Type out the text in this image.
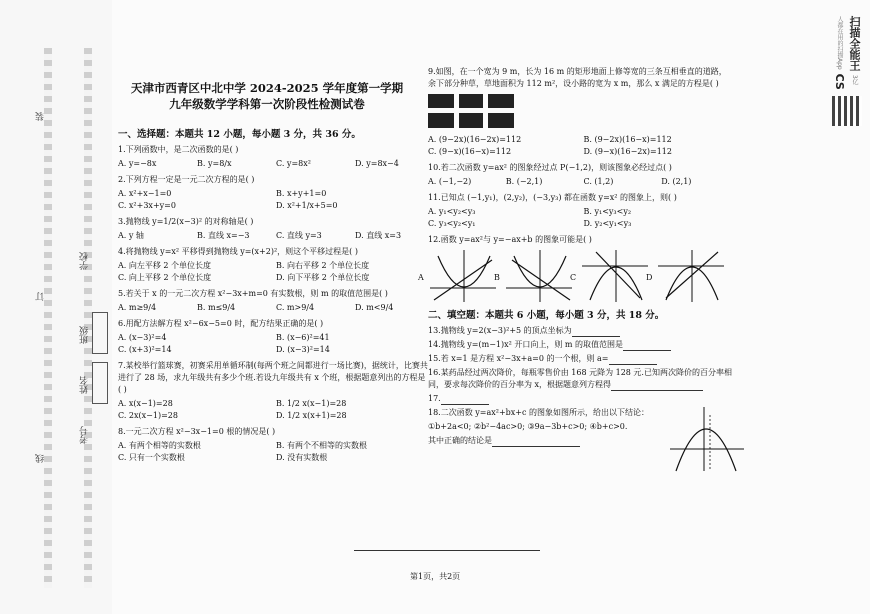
装
订
线
学校
班级
姓名
考号
天津市西青区中北中学 2024-2025 学年度第一学期
九年级数学学科第一次阶段性检测试卷
一、选择题：本题共 12 小题，每小题 3 分，共 36 分。
1.下列函数中，是二次函数的是( )
A. y=−8x	B. y=8/x	C. y=8x²	D. y=8x−4
2.下列方程一定是一元二次方程的是( )
A. x²+x−1=0	B. x+y+1=0
C. x²+3x+y=0	D. x²+1/x+5=0
3.抛物线 y=1/2(x−3)² 的对称轴是( )
A. y 轴	B. 直线 x=−3	C. 直线 y=3	D. 直线 x=3
4.将抛物线 y=x² 平移得到抛物线 y=(x+2)²，则这个平移过程是( )
A. 向左平移 2 个单位长度	B. 向右平移 2 个单位长度
C. 向上平移 2 个单位长度	D. 向下平移 2 个单位长度
5.若关于 x 的一元二次方程 x²−3x+m=0 有实数根，则 m 的取值范围是( )
A. m≥9/4	B. m≤9/4	C. m>9/4	D. m<9/4
6.用配方法解方程 x²−6x−5=0 时，配方结果正确的是( )
A. (x−3)²=4	B. (x−6)²=41
C. (x+3)²=14	D. (x−3)²=14
7.某校举行篮球赛，初赛采用单循环制(每两个班之间都进行一场比赛)，据统计，比赛共进行了 28 场，求九年级共有多少个班.若设九年级共有 x 个班，根据题意列出的方程是( )
A. x(x−1)=28	B. 1/2 x(x−1)=28
C. 2x(x−1)=28	D. 1/2 x(x+1)=28
8.一元二次方程 x²−3x−1=0 根的情况是( )
A. 有两个相等的实数根	B. 有两个不相等的实数根
C. 只有一个实数根	D. 没有实数根
9.如图，在一个宽为 9 m，长为 16 m 的矩形地面上修等宽的三条互相垂直的道路，余下部分种草，草地面积为 112 m²，设小路的宽为 x m，那么 x 满足的方程是( )
A. (9−2x)(16−2x)=112	B. (9−2x)(16−x)=112
C. (9−x)(16−x)=112	D. (9−x)(16−2x)=112
10.若二次函数 y=ax² 的图象经过点 P(−1,2)，则该图象必经过点( )
A. (−1,−2)	B. (−2,1)	C. (1,2)	D. (2,1)
11.已知点 (−1,y₁)，(2,y₂)，(−3,y₃) 都在函数 y=x² 的图象上，则( )
A. y₁<y₂<y₃	B. y₁<y₃<y₂
C. y₃<y₂<y₁	D. y₂<y₁<y₃
12.函数 y=ax²与 y=−ax+b 的图象可能是( )
A	B	C	D
二、填空题：本题共 6 小题，每小题 3 分，共 18 分。
13.抛物线 y=2(x−3)²+5 的顶点坐标为
14.抛物线 y=(m−1)x² 开口向上，则 m 的取值范围是
15.若 x=1 是方程 x²−3x+a=0 的一个根，则 a=
16.某药品经过两次降价，每瓶零售价由 168 元降为 128 元.已知两次降价的百分率相同，要求每次降价的百分率为 x，根据题意列方程得
17.
18.二次函数 y=ax²+bx+c 的图象如图所示，给出以下结论：
①b+2a<0; ②b²−4ac>0; ③9a−3b+c>0; ④b+c>0.
其中正确的结论是
扫描全能王 3亿人都在用的扫描App CS
第1页，共2页
